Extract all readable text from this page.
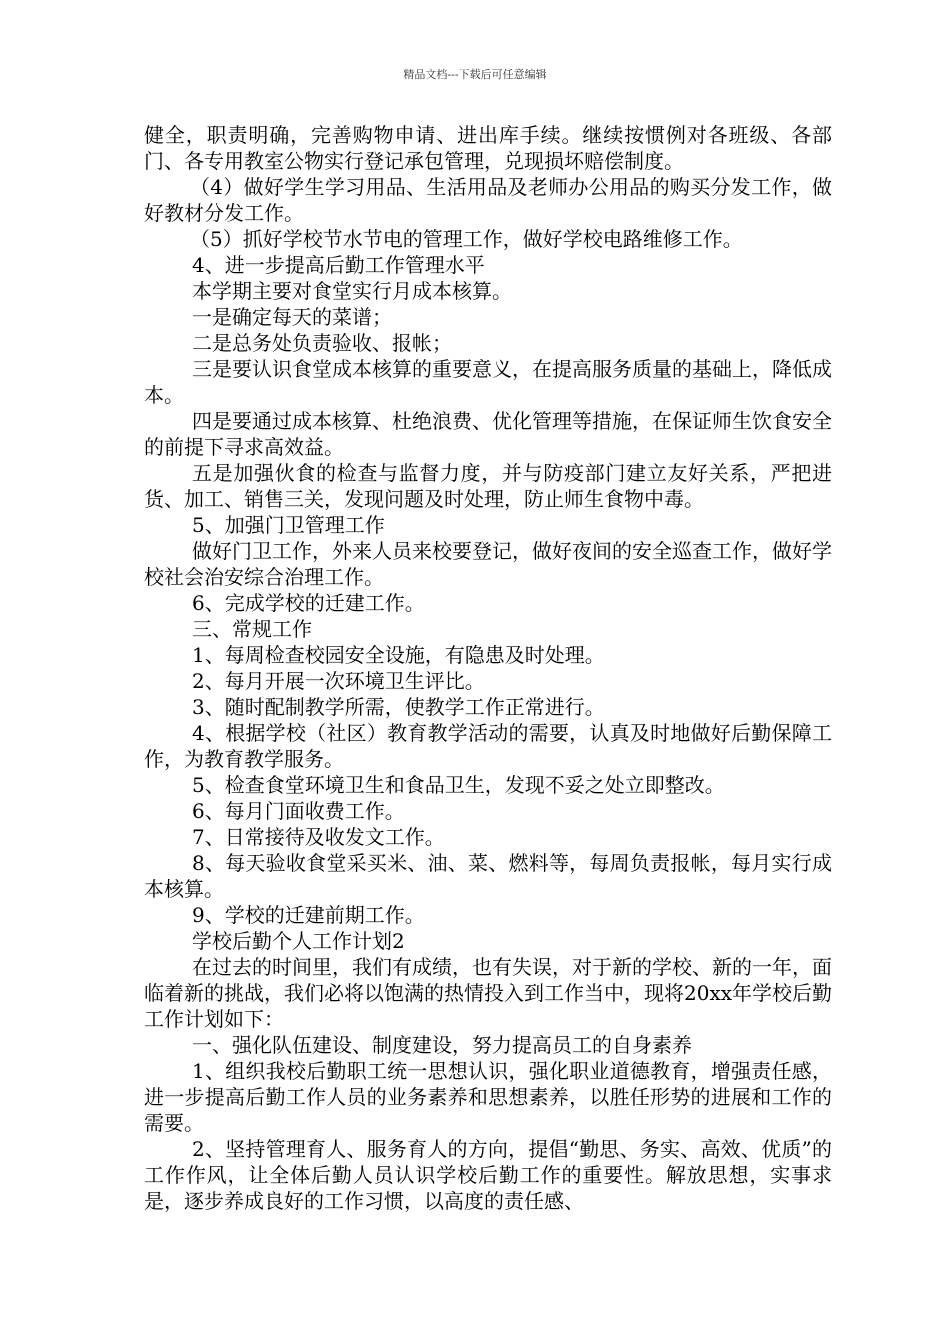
精品文档---下载后可任意编辑

健全，职责明确，完善购物申请、进出库手续。继续按惯例对各班级、各部门、各专用教室公物实行登记承包管理，兑现损坏赔偿制度。

（4）做好学生学习用品、生活用品及老师办公用品的购买分发工作，做好教材分发工作。

（5）抓好学校节水节电的管理工作，做好学校电路维修工作。

4、进一步提高后勤工作管理水平

本学期主要对食堂实行月成本核算。

一是确定每天的菜谱；

二是总务处负责验收、报帐；

三是要认识食堂成本核算的重要意义，在提高服务质量的基础上，降低成本。

四是要通过成本核算、杜绝浪费、优化管理等措施，在保证师生饮食安全的前提下寻求高效益。

五是加强伙食的检查与监督力度，并与防疫部门建立友好关系，严把进货、加工、销售三关，发现问题及时处理，防止师生食物中毒。

5、加强门卫管理工作

做好门卫工作，外来人员来校要登记，做好夜间的安全巡查工作，做好学校社会治安综合治理工作。

6、完成学校的迁建工作。

三、常规工作

1、每周检查校园安全设施，有隐患及时处理。

2、每月开展一次环境卫生评比。

3、随时配制教学所需，使教学工作正常进行。

4、根据学校（社区）教育教学活动的需要，认真及时地做好后勤保障工作，为教育教学服务。

5、检查食堂环境卫生和食品卫生，发现不妥之处立即整改。

6、每月门面收费工作。

7、日常接待及收发文工作。

8、每天验收食堂采买米、油、菜、燃料等，每周负责报帐，每月实行成本核算。

9、学校的迁建前期工作。

学校后勤个人工作计划2

在过去的时间里，我们有成绩，也有失误，对于新的学校、新的一年，面临着新的挑战，我们必将以饱满的热情投入到工作当中，现将20xx年学校后勤工作计划如下：

一、强化队伍建设、制度建设，努力提高员工的自身素养

1、组织我校后勤职工统一思想认识，强化职业道德教育，增强责任感，进一步提高后勤工作人员的业务素养和思想素养，以胜任形势的进展和工作的需要。

2、坚持管理育人、服务育人的方向，提倡“勤思、务实、高效、优质”的工作作风，让全体后勤人员认识学校后勤工作的重要性。解放思想，实事求是，逐步养成良好的工作习惯，以高度的责任感、
